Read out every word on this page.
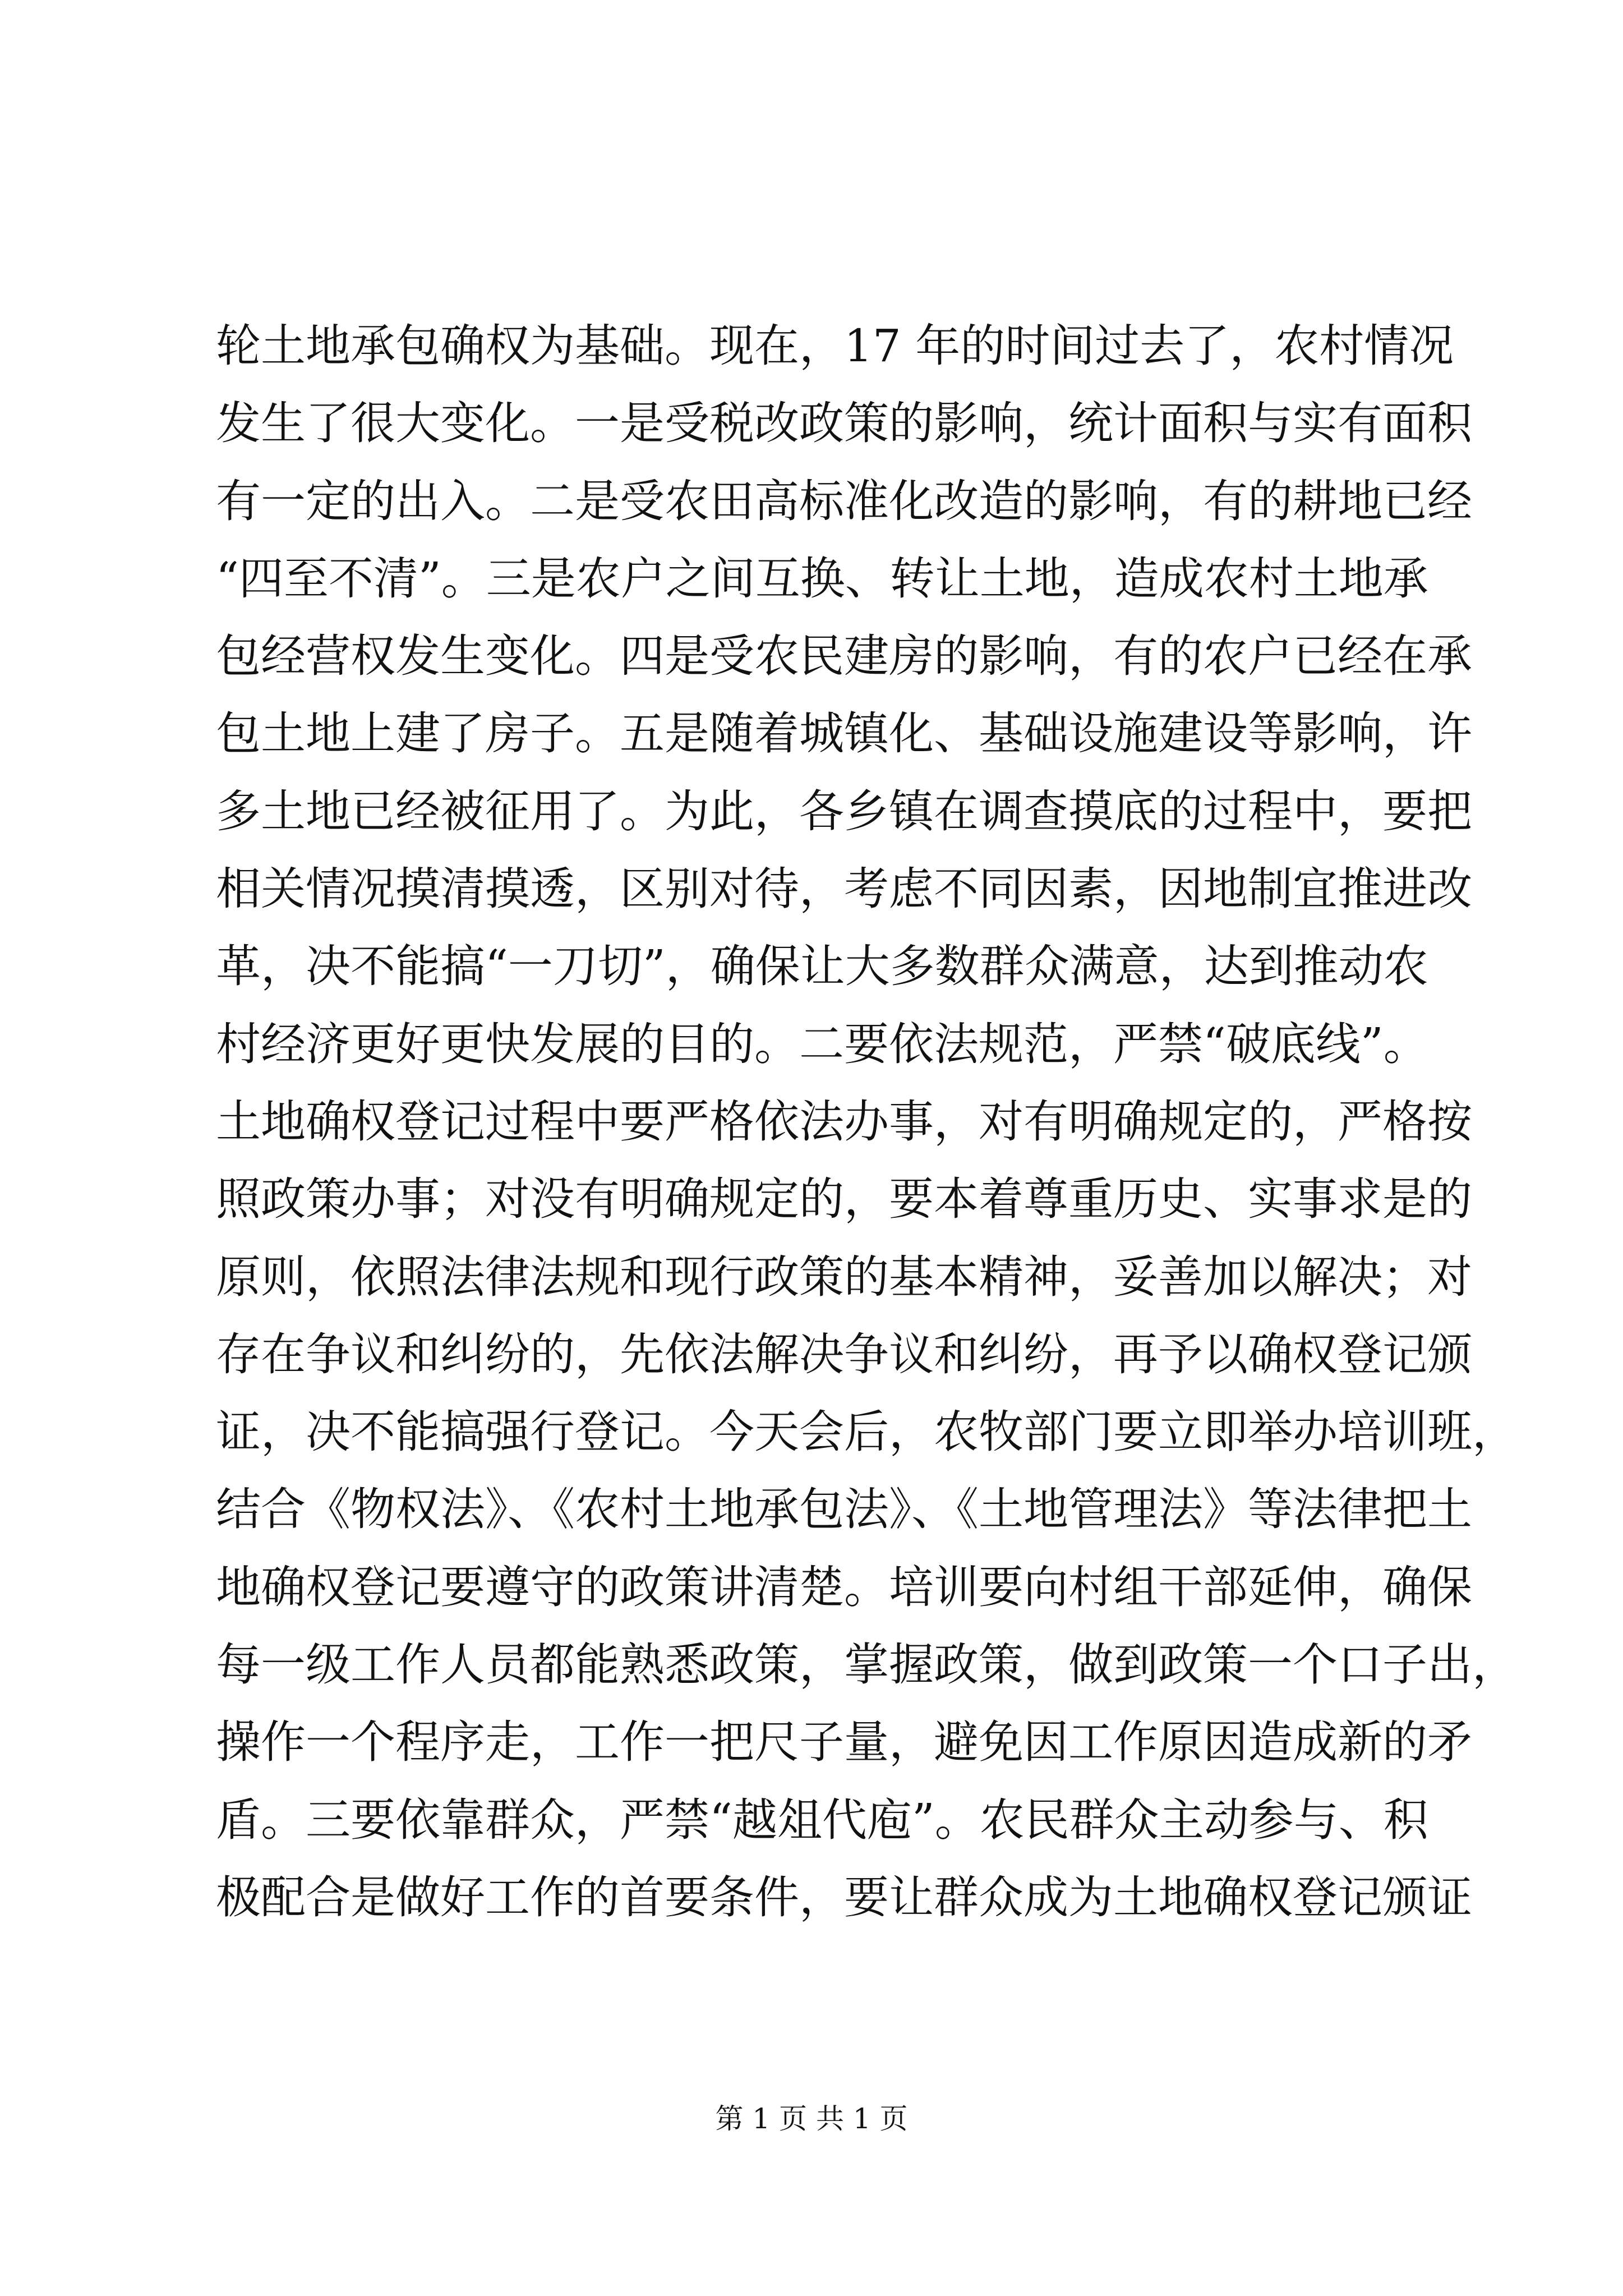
轮土地承包确权为基础。现在，17 年的时间过去了，农村情况
发生了很大变化。一是受税改政策的影响，统计面积与实有面积
有一定的出入。二是受农田高标准化改造的影响，有的耕地已经
“四至不清”。三是农户之间互换、转让土地，造成农村土地承
包经营权发生变化。四是受农民建房的影响，有的农户已经在承
包土地上建了房子。五是随着城镇化、基础设施建设等影响，许
多土地已经被征用了。为此，各乡镇在调查摸底的过程中，要把
相关情况摸清摸透，区别对待，考虑不同因素，因地制宜推进改
革，决不能搞“一刀切”，确保让大多数群众满意，达到推动农
村经济更好更快发展的目的。二要依法规范，严禁“破底线”。
土地确权登记过程中要严格依法办事，对有明确规定的，严格按
照政策办事；对没有明确规定的，要本着尊重历史、实事求是的
原则，依照法律法规和现行政策的基本精神，妥善加以解决；对
存在争议和纠纷的，先依法解决争议和纠纷，再予以确权登记颁
证，决不能搞强行登记。今天会后，农牧部门要立即举办培训班，
结合《物权法》、《农村土地承包法》、《土地管理法》等法律把土
地确权登记要遵守的政策讲清楚。培训要向村组干部延伸，确保
每一级工作人员都能熟悉政策，掌握政策，做到政策一个口子出，
操作一个程序走，工作一把尺子量，避免因工作原因造成新的矛
盾。三要依靠群众，严禁“越俎代庖”。农民群众主动参与、积
极配合是做好工作的首要条件，要让群众成为土地确权登记颁证
第 1 页 共 1 页
